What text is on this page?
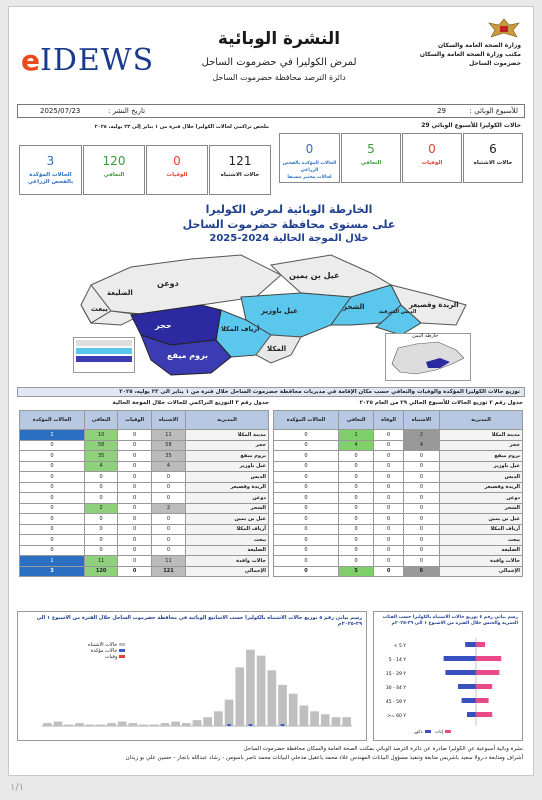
وزارة الصحة العامة والسكان
مكتب وزارة الصحة العامة والسكان
حضرموت الساحل
النشرة الوبائية
لمرض الكوليرا في حضرموت الساحل
دائرة الترصد محافظة حضرموت الساحل
eIDEWS
للأسبوع الوبائي :
29
تاريخ النشر :
2025/07/23
حالات الكوليرا للأسبوع الوبائي 29
6
حالات الاشتباه
0
الوفيات
5
التعافي
0
الحالات المؤكدة بالفحص الزراعي
لحالات مختبر مسبقا
ملخص تراكمي لحالات الكوليرا خلال فترة من ١ يناير إلى ٢٣ يوليه، ٢٠٢٥
121
حالات الاشتباه
0
الوفيات
120
التعافي
3
الحالات المؤكدة
بالفحص الزراعي
الخارطة الوبائية لمرض الكوليرا
على مستوى محافظة حضرموت الساحل
خلال الموجة الحالية 2024-2025
دوعن
الضليعة
يبعث
حجر
بروم ميفع
المكلا
أرياف المكلا
غيل باوزير
غيل بن يمين
الشحر
الديس الشرقية
الريدة وقصيعر
خارطة اليمن
توزيع حالات الكوليرا المؤكدة والوفيات والتعافي حسب مكان الإقامة في مديريات محافظة حضرموت الساحل خلال فترة من ١ يناير الى ٢٣ يوليه، ٢٠٢٥
جدول رقم ٢ توزيع الحالات للأسبوع الحالي ٢٩ من العام ٢٠٢٥
المديرية	الاشتباه	الوفاة	التعافي	الحالات المؤكدة
مدينة المكلا	2	0	1	0
حجر	4	0	4	0
بروم ميفع	0	0	0	0
غيل باوزير	0	0	0	0
الديس	0	0	0	0
الريدة وقصيعر	0	0	0	0
دوعن	0	0	0	0
الشحر	0	0	0	0
غيل بن يمين	0	0	0	0
أرياف المكلا	0	0	0	0
يبعث	0	0	0	0
الضليعة	0	0	0	0
حالات وافدة	0	0	0	0
الإجمالي	6	0	5	0
جدول رقم ٣ التوزيع التراكمي للحالات خلال الموجة الحالية
المديرية	الاشتباه	الوفيات	التعافي	الحالات المؤكدة
مدينة المكلا	11	0	10	2
حجر	58	0	58	0
بروم ميفع	35	0	35	0
غيل باوزير	4	0	4	0
الديس	0	0	0	0
الريدة وقصيعر	0	0	0	0
دوعن	0	0	0	0
الشحر	2	0	2	0
غيل بن يمين	0	0	0	0
أرياف المكلا	0	0	0	0
يبعث	0	0	0	0
الضليعة	0	0	0	0
حالات وافدة	11	0	11	1
الإجمالي	121	0	120	3
رسم بياني رقم ٥ توزيع حالات الاشتباه بالكوليرا حسب الاسابيع الوبائية في محافظة حضرموت الساحل خلال الفترة من الاسبوع ١ الى ٢٩-٢٠٢٥م
حالات الاشتباه
حالات مؤكدة
وفيات
رسم بياني رقم ٤ توزيع حالات الاشتباه بالكوليرا حسب الفئات العمرية والجنس خلال الفترة من الاسبوع ١ الى ٢٩-٢٠٢٥م
< 5 Y
5 - 14 Y
15 - 29 Y
30 - 44 Y
45 - 59 Y
>= 60 Y
إناث   ذكور
نشرة وبائية أسبوعية عن الكوليرا صادرة عن دائرة الترصد الوبائي بمكتب الصحة العامة والسكان محافظة حضرموت الساحل
أشراف ومتابعة د.رولا سعيد باشريس متابعة وتنفيذ مسؤول البيانات المهندس علاء محمد باعقيل مدخلي البيانات محمد ناصر باسومن - رشاد عبدالله بانجار - حسين علي بو زيدان
١/١
